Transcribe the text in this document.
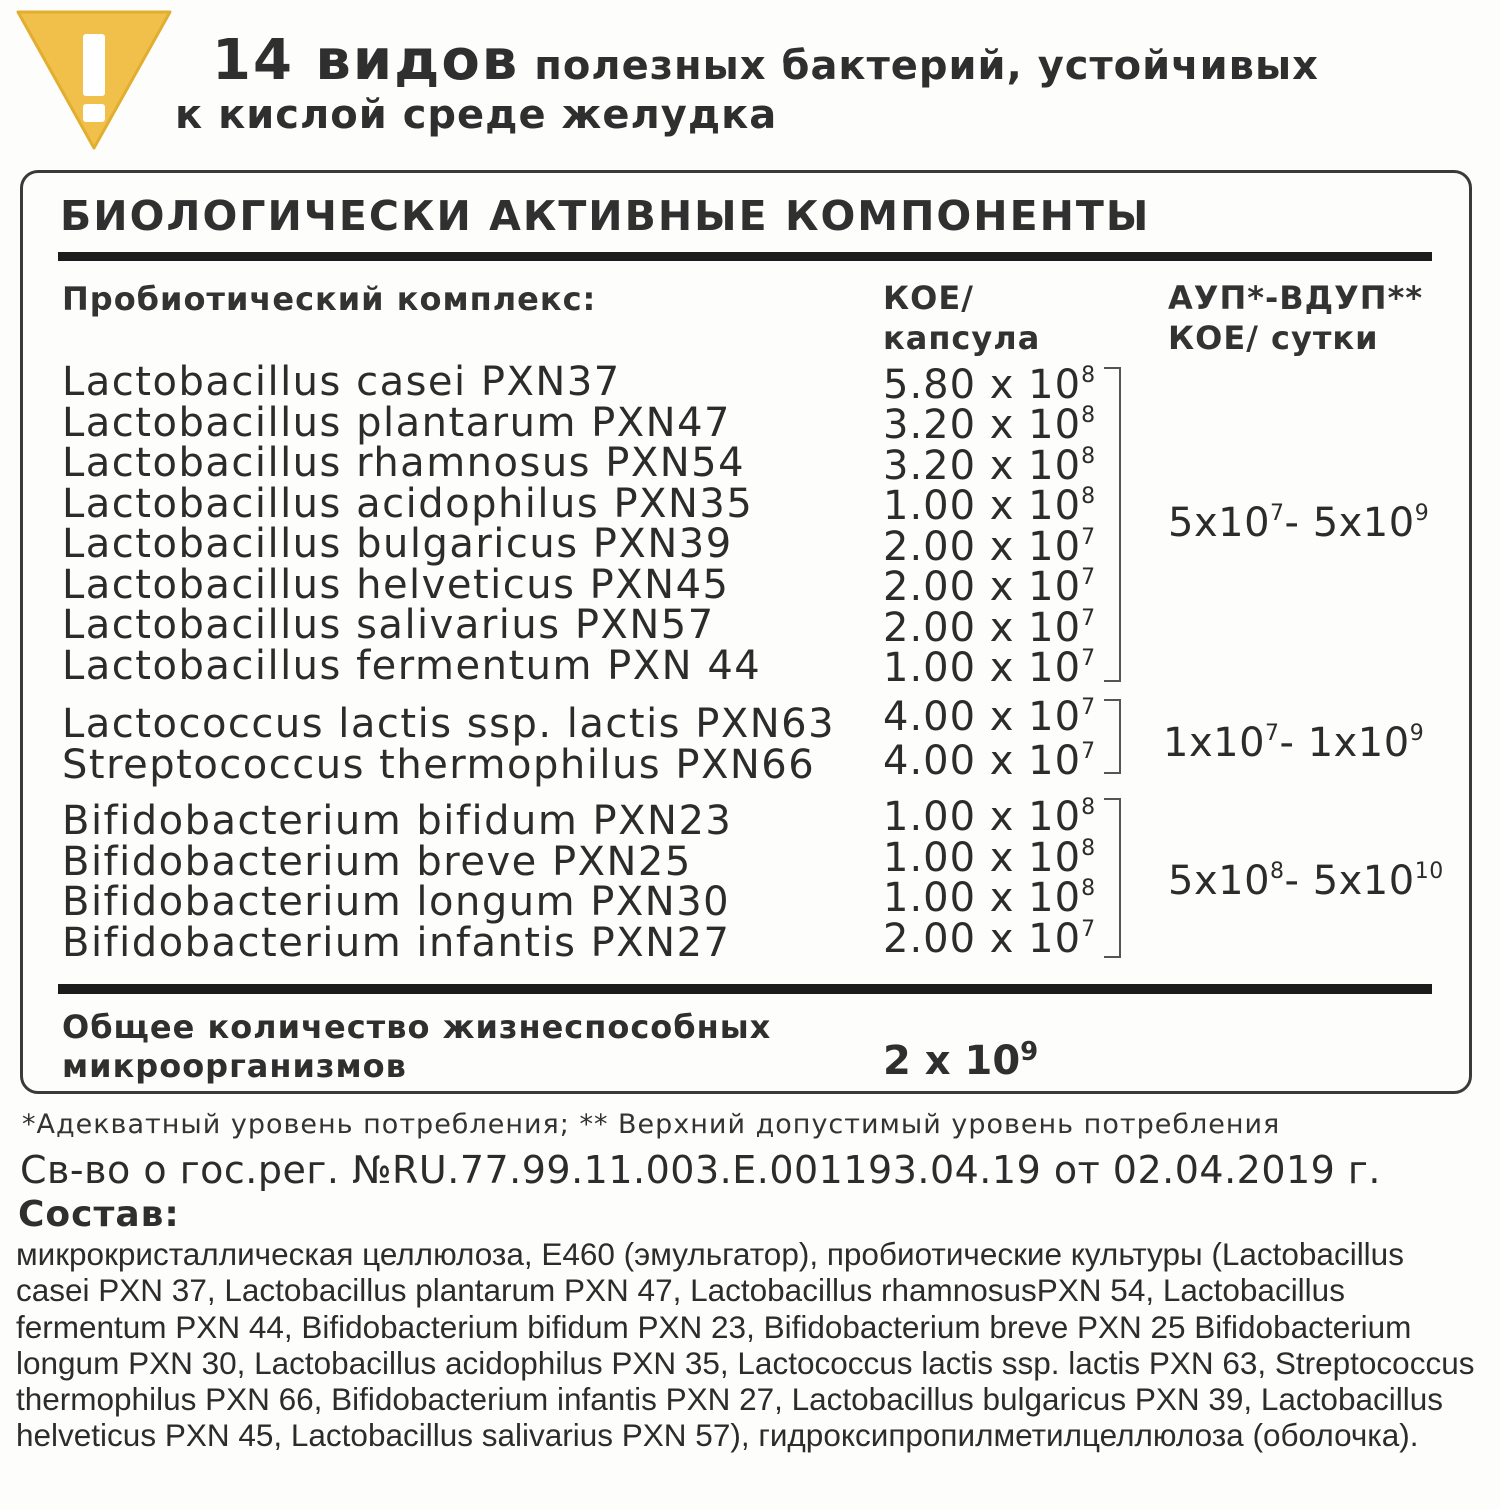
14 видов полезных бактерий, устойчивых
к кислой среде желудка
БИОЛОГИЧЕСКИ АКТИВНЫЕ КОМПОНЕНТЫ
Пробиотический комплекс:	КОЕ/
капсула
АУП*-ВДУП**
КОЕ/ сутки
Lactobacillus casei PXN37
Lactobacillus plantarum PXN47
Lactobacillus rhamnosus PXN54
Lactobacillus acidophilus PXN35
Lactobacillus bulgaricus PXN39
Lactobacillus helveticus PXN45
Lactobacillus salivarius PXN57
Lactobacillus fermentum PXN 44
5.80 x $10^8$
3.20 x $10^8$
3.20 x $10^8$
1.00 x $10^8$
2.00 x $10^7$
2.00 x $10^7$
2.00 x $10^7$
1.00 x $10^7$
$5x10^7-$ $5x10^9$
Lactococcus lactis ssp. lactis PXN63
Streptococcus thermophilus PXN66
4.00 x $10^7$
4.00 x $10^7$ $1x10^7-$ $1x10^9$
Bifidobacterium bifidum PXN23
Bifidobacterium breve PXN25
Bifidobacterium longum PXN30
Bifidobacterium infantis PXN27
1.00 x $10^8$
1.00 x $10^8$
1.00 x $10^8$
2.00 x $10^7$
$5x10^8-$ $5x10^{10}$
Общее количество жизнеспособных
микроорганизмов	2 x $10^9$
*Адекватный уровень потребления; ** Верхний допустимый уровень потребления
Св-во о гос.рег. №RU.77.99.11.003.E.001193.04.19 от 02.04.2019 г.
Состав:
микрокристаллическая целлюлоза, Е460 (эмульгатор), пробиотические культуры (Lactobacillus casei PXN 37, Lactobacillus plantarum PXN 47, Lactobacillus rhamnosusPXN 54, Lactobacillus fermentum PXN 44, Bifidobacterium bifidum PXN 23, Bifidobacterium breve PXN 25 Bifidobacterium longum PXN 30, Lactobacillus acidophilus PXN 35, Lactococcus lactis ssp. lactis PXN 63, Streptococcus thermophilus PXN 66, Bifidobacterium infantis PXN 27, Lactobacillus bulgaricus PXN 39, Lactobacillus helveticus PXN 45, Lactobacillus salivarius PXN 57), гидроксипропилметилцеллюлоза (оболочка).
